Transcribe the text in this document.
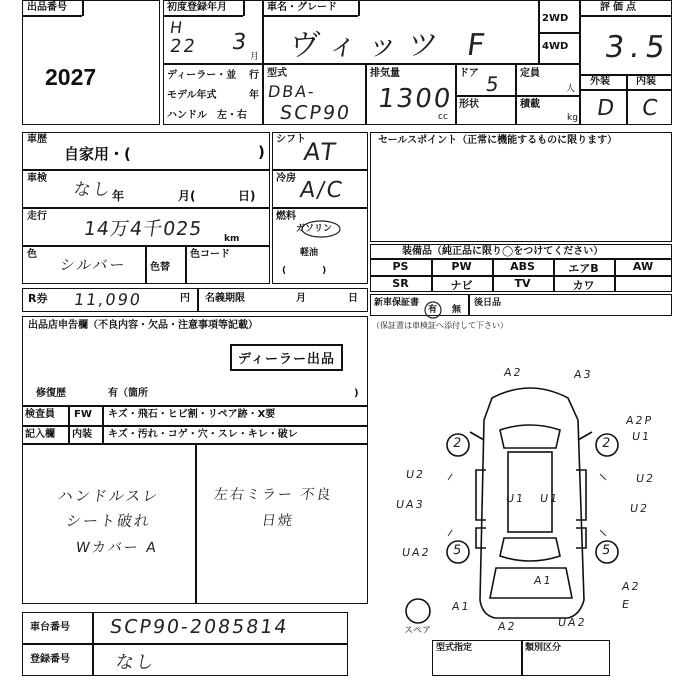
出品番号
2027
初度登録年月
H
22 3
月
車名・グレード
ヴィッツ F
2WD
4WD
評価点
3.5
外装	内装
D C
ディーラー・並 行
モデル年式	年
ハンドル　左・右
型式
DBA-
SCP90
排気量
1300
cc
ドア 5 定員
人
形状	積載
kg
車歴
自家用・(	)
シフト
AT
車検
なし
年	月(	日)
冷房 A/C
走行
14万4千025 km
燃料
ガソリン
軽油
(　　　　)
色
シルバー 色替
色コード
セールスポイント（正常に機能するものに限ります）
装備品（純正品に限り◯をつけてください）
PS	PW	ABS	エアB	AW
SR	ナビ	TV	カワ
R券 11,090	円 名義期限	月	日 新車保証書
有 無
後日品
（保証書は車検証へ添付して下さい）
出品店申告欄（不良内容・欠品・注意事項等記載）
ディーラー出品
修復歴	有（箇所	)
検査員
記入欄
FW キズ・飛石・ヒビ割・リペア跡・X要
内装 キズ・汚れ・コゲ・穴・スレ・キレ・破レ
ハンドルスレ
シート破れ
Wカバー A
左右ミラー 不良
日焼
A2	A3
A2P
U1
U2
UA3
UA2
U1 U1
U2
U2
A1
A1
A2
E
A2	UA2
2	2
5	5
スペア
車台番号 SCP90-2085814
登録番号 なし
型式指定	類別区分
